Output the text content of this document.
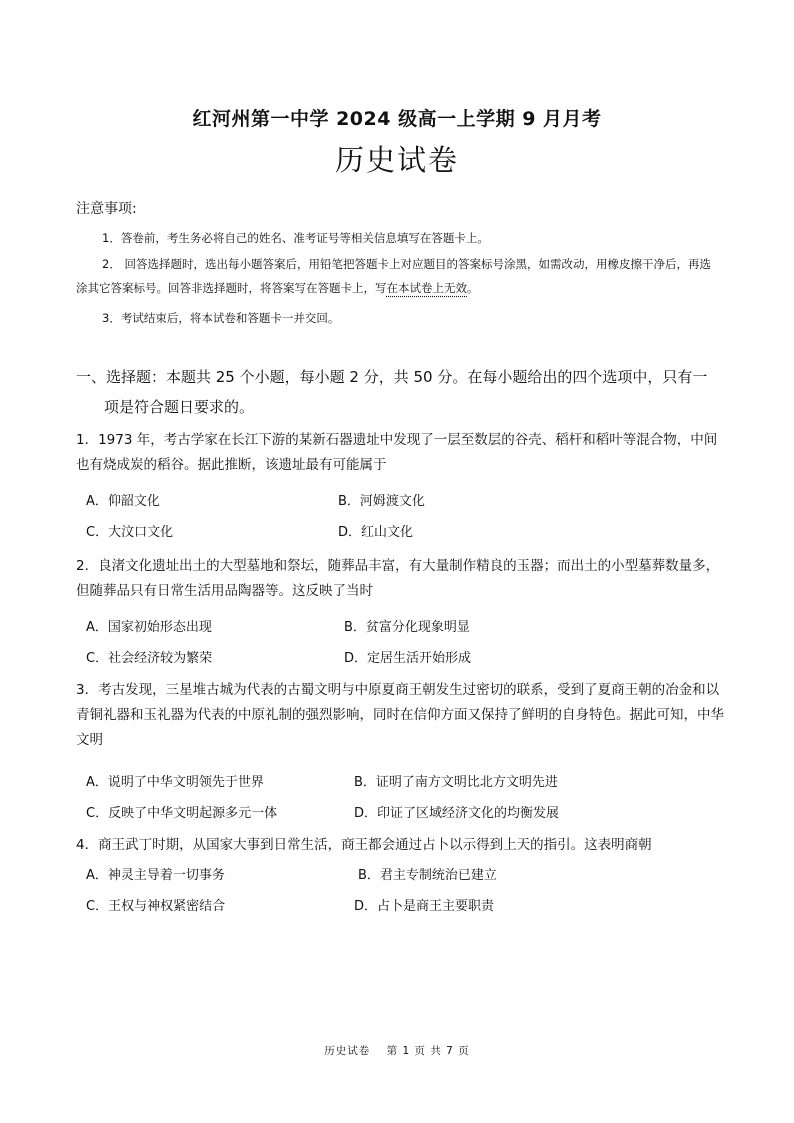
红河州第一中学 2024 级高一上学期 9 月月考
历史试卷
注意事项:

1．答卷前，考生务必将自己的姓名、准考证号等相关信息填写在答题卡上。

2． 回答选择题时，选出每小题答案后，用铅笔把答题卡上对应题目的答案标号涂黑，如需改动，用橡皮擦干净后，再选涂其它答案标号。回答非选择题时，将答案写在答题卡上，写在本试卷上无效。

3．考试结束后，将本试卷和答题卡一并交回。

一、选择题：本题共 25 个小题，每小题 2 分，共 50 分。在每小题给出的四个选项中，只有一
项是符合题日要求的。

1．1973 年，考古学家在长江下游的某新石器遗址中发现了一层至数层的谷壳、稻杆和稻叶等混合物，中间也有烧成炭的稻谷。据此推断，该遗址最有可能属于

A．仰韶文化	B．河姆渡文化
C．大汶口文化	D．红山文化

2．良渚文化遗址出土的大型墓地和祭坛，随葬品丰富，有大量制作精良的玉器；而出土的小型墓葬数量多，但随葬品只有日常生活用品陶器等。这反映了当时

A．国家初始形态出现	B．贫富分化现象明显
C．社会经济较为繁荣	D．定居生活开始形成

3．考古发现，三星堆古城为代表的古蜀文明与中原夏商王朝发生过密切的联系，受到了夏商王朝的冶金和以青铜礼器和玉礼器为代表的中原礼制的强烈影响，同时在信仰方面又保持了鲜明的自身特色。据此可知，中华文明

A．说明了中华文明领先于世界	B．证明了南方文明比北方文明先进
C．反映了中华文明起源多元一体	D．印证了区域经济文化的均衡发展

4．商王武丁时期，从国家大事到日常生活，商王都会通过占卜以示得到上天的指引。这表明商朝

A．神灵主导着一切事务	B．君主专制统治已建立
C．王权与神权紧密结合	D．占卜是商王主要职责
历史试卷 第 1 页 共 7 页
